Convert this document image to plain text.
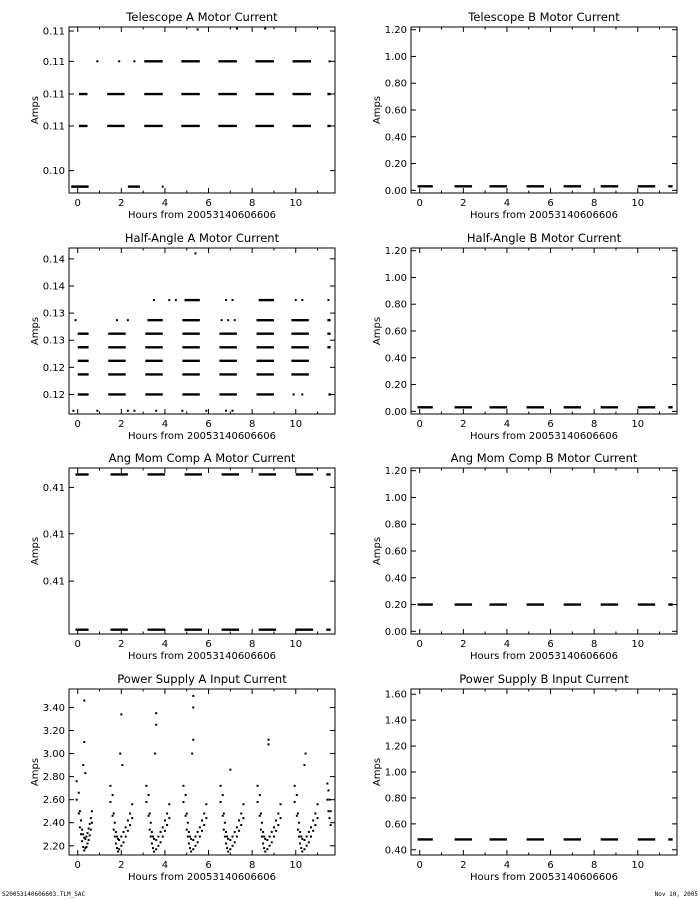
Telescope A Motor Current
Hours from 20053140606606
Amps
0	2	4	6	8	10
0.10
0.11
0.11
0.11
0.11
Telescope B Motor Current
Hours from 20053140606606
Amps
0	2	4	6	8	10
0.00
0.20
0.40
0.60
0.80
1.00
1.20
Half-Angle A Motor Current
Hours from 20053140606606
Amps
0	2	4	6	8	10
0.12
0.12
0.13
0.13
0.14
0.14
Half-Angle B Motor Current
Hours from 20053140606606
Amps
0	2	4	6	8	10
0.00
0.20
0.40
0.60
0.80
1.00
1.20
Ang Mom Comp A Motor Current
Hours from 20053140606606
Amps
0	2	4	6	8	10
0.41
0.41
0.41
Ang Mom Comp B Motor Current
Hours from 20053140606606
Amps
0	2	4	6	8	10
0.00
0.20
0.40
0.60
0.80
1.00
1.20
Power Supply A Input Current
Hours from 20053140606606
Amps
0	2	4	6	8	10
2.20
2.40
2.60
2.80
3.00
3.20
3.40
Power Supply B Input Current
Hours from 20053140606606
Amps
0	2	4	6	8	10
0.40
0.60
0.80
1.00
1.20
1.40
1.60
S20053140606603.TLM_SAC	Nov 10, 2005
